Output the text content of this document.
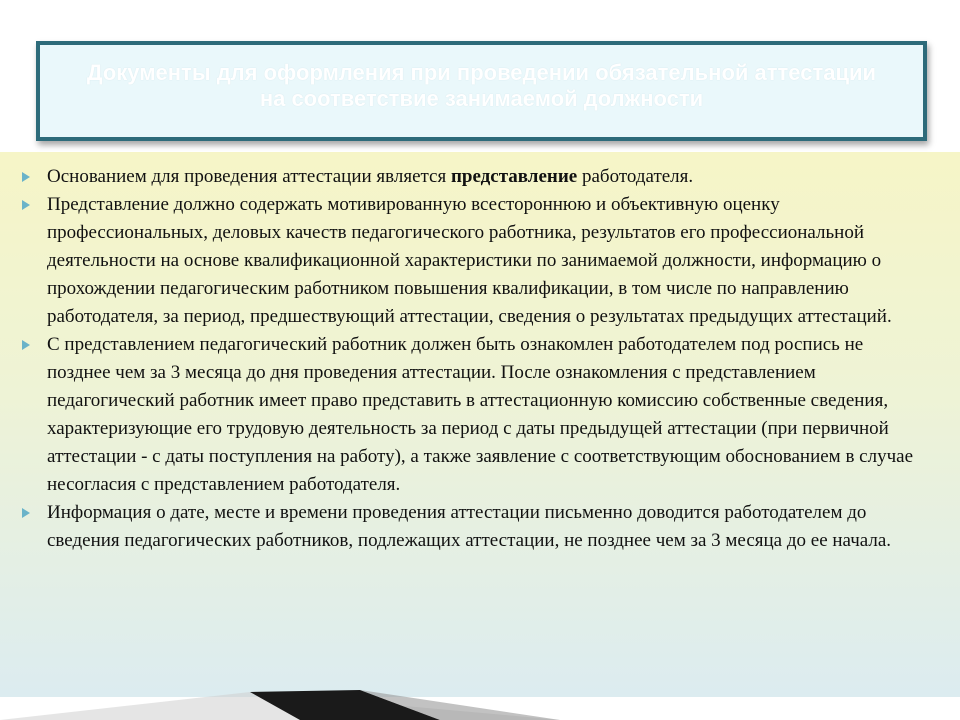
Документы для оформления при проведении обязательной аттестации на соответствие занимаемой должности
Основанием для проведения аттестации является представление работодателя.
Представление должно содержать мотивированную всестороннюю и объективную оценку профессиональных, деловых качеств педагогического работника, результатов его профессиональной деятельности на основе квалификационной характеристики по занимаемой должности, информацию о прохождении педагогическим работником повышения квалификации, в том числе по направлению работодателя, за период, предшествующий аттестации, сведения о результатах предыдущих аттестаций.
С представлением педагогический работник должен быть ознакомлен работодателем под роспись не позднее чем за 3 месяца до дня проведения аттестации. После ознакомления с представлением педагогический работник имеет право представить в аттестационную комиссию собственные сведения, характеризующие его трудовую деятельность за период с даты предыдущей аттестации (при первичной аттестации - с даты поступления на работу), а также заявление с соответствующим обоснованием в случае несогласия с представлением работодателя.
Информация о дате, месте и времени проведения аттестации письменно доводится работодателем до сведения педагогических работников, подлежащих аттестации, не позднее чем за 3 месяца до ее начала.
